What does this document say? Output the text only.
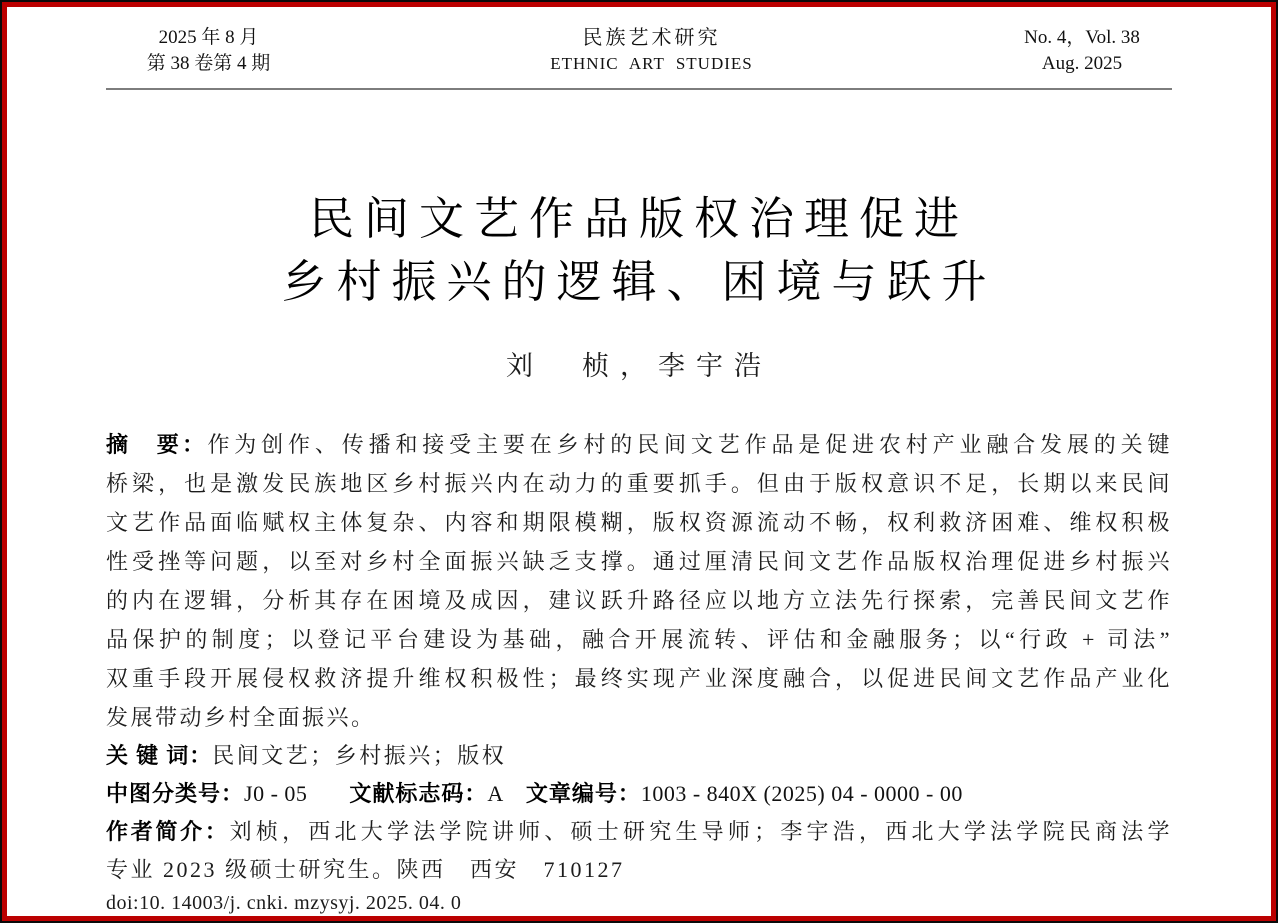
2025 年 8 月
第 38 卷第 4 期
民族艺术研究
ETHNIC ART STUDIES
No. 4，Vol. 38
Aug. 2025
民间文艺作品版权治理促进
乡村振兴的逻辑、困境与跃升
刘　桢，李宇浩
摘　要：作为创作、传播和接受主要在乡村的民间文艺作品是促进农村产业融合发展的关键
桥梁，也是激发民族地区乡村振兴内在动力的重要抓手。但由于版权意识不足，长期以来民间
文艺作品面临赋权主体复杂、内容和期限模糊，版权资源流动不畅，权利救济困难、维权积极
性受挫等问题，以至对乡村全面振兴缺乏支撑。通过厘清民间文艺作品版权治理促进乡村振兴
的内在逻辑，分析其存在困境及成因，建议跃升路径应以地方立法先行探索，完善民间文艺作
品保护的制度；以登记平台建设为基础，融合开展流转、评估和金融服务；以“行政 + 司法”
双重手段开展侵权救济提升维权积极性；最终实现产业深度融合，以促进民间文艺作品产业化
发展带动乡村全面振兴。
关 键 词：民间文艺；乡村振兴；版权
中图分类号：J0 - 05 文献标志码：A 文章编号：1003 - 840X (2025) 04 - 0000 - 00
作者简介：刘桢，西北大学法学院讲师、硕士研究生导师；李宇浩，西北大学法学院民商法学
专业 2023 级硕士研究生。陕西　西安　710127
doi:10. 14003/j. cnki. mzysyj. 2025. 04. 0
